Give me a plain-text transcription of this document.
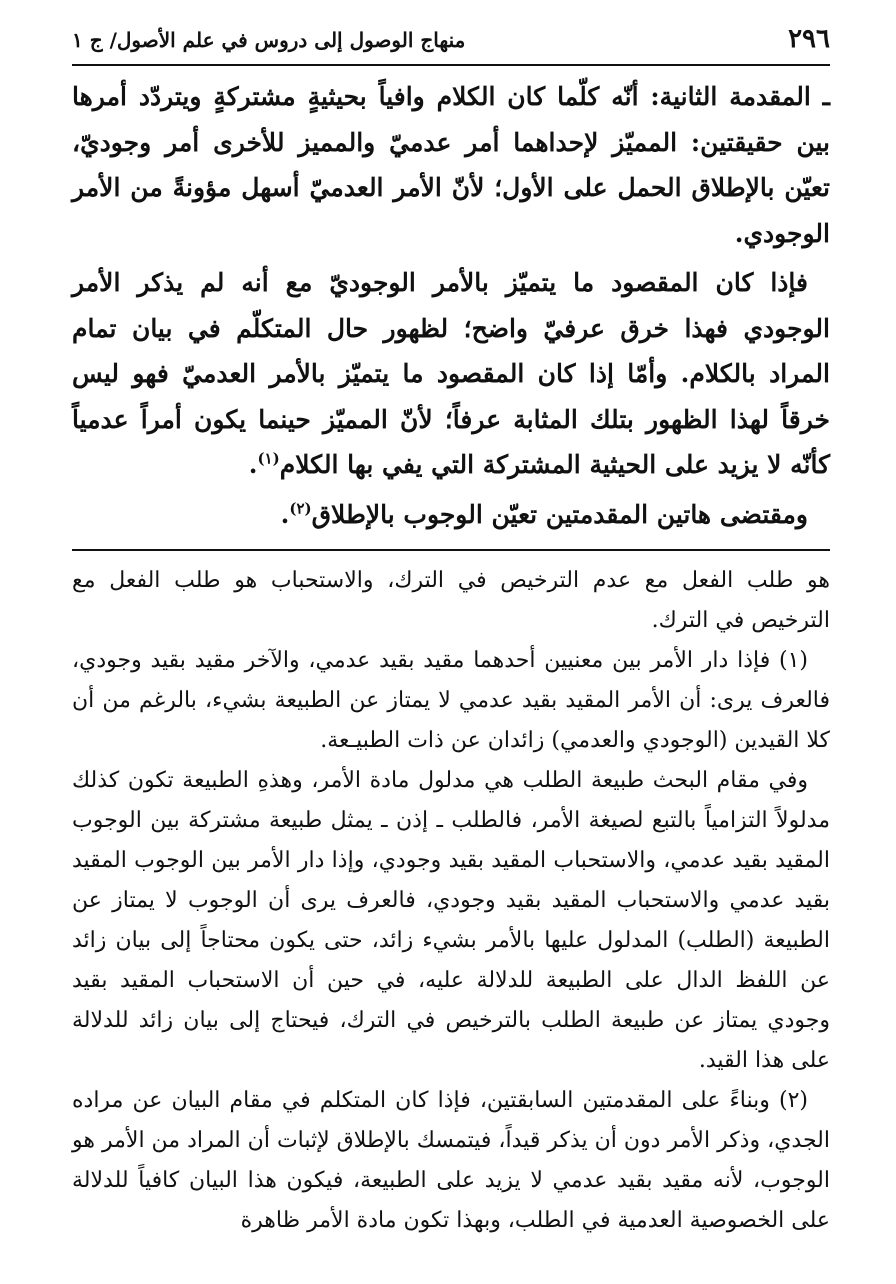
٢٩٦
منهاج الوصول إلى دروس في علم الأصول/ ج ١

ـ المقدمة الثانية: أنّه كلّما كان الكلام وافياً بحيثيةٍ مشتركةٍ ويتردّد أمرها بين حقيقتين: المميّز لإحداهما أمر عدميّ والمميز للأخرى أمر وجوديّ، تعيّن بالإطلاق الحمل على الأول؛ لأنّ الأمر العدميّ أسهل مؤونةً من الأمر الوجودي.

فإذا كان المقصود ما يتميّز بالأمر الوجوديّ مع أنه لم يذكر الأمر الوجودي فهذا خرق عرفيّ واضح؛ لظهور حال المتكلّم في بيان تمام المراد بالكلام. وأمّا إذا كان المقصود ما يتميّز بالأمر العدميّ فهو ليس خرقاً لهذا الظهور بتلك المثابة عرفاً؛ لأنّ المميّز حينما يكون أمراً عدمياً كأنّه لا يزيد على الحيثية المشتركة التي يفي بها الكلام$^{(١)}$.

ومقتضى هاتين المقدمتين تعيّن الوجوب بالإطلاق$^{(٢)}$.

هو طلب الفعل مع عدم الترخيص في الترك، والاستحباب هو طلب الفعل مع الترخيص في الترك.

(١) فإذا دار الأمر بين معنيين أحدهما مقيد بقيد عدمي، والآخر مقيد بقيد وجودي، فالعرف يرى: أن الأمر المقيد بقيد عدمي لا يمتاز عن الطبيعة بشيء، بالرغم من أن كلا القيدين (الوجودي والعدمي) زائدان عن ذات الطبيـعة.

وفي مقام البحث طبيعة الطلب هي مدلول مادة الأمر، وهذهِ الطبيعة تكون كذلك مدلولاً التزامياً بالتبع لصيغة الأمر، فالطلب ـ إذن ـ يمثل طبيعة مشتركة بين الوجوب المقيد بقيد عدمي، والاستحباب المقيد بقيد وجودي، وإذا دار الأمر بين الوجوب المقيد بقيد عدمي والاستحباب المقيد بقيد وجودي، فالعرف يرى أن الوجوب لا يمتاز عن الطبيعة (الطلب) المدلول عليها بالأمر بشيء زائد، حتى يكون محتاجاً إلى بيان زائد عن اللفظ الدال على الطبيعة للدلالة عليه، في حين أن الاستحباب المقيد بقيد وجودي يمتاز عن طبيعة الطلب بالترخيص في الترك، فيحتاج إلى بيان زائد للدلالة على هذا القيد.

(٢) وبناءً على المقدمتين السابقتين، فإذا كان المتكلم في مقام البيان عن مراده الجدي، وذكر الأمر دون أن يذكر قيداً، فيتمسك بالإطلاق لإثبات أن المراد من الأمر هو الوجوب، لأنه مقيد بقيد عدمي لا يزيد على الطبيعة، فيكون هذا البيان كافياً للدلالة على الخصوصية العدمية في الطلب، وبهذا تكون مادة الأمر ظاهرة
